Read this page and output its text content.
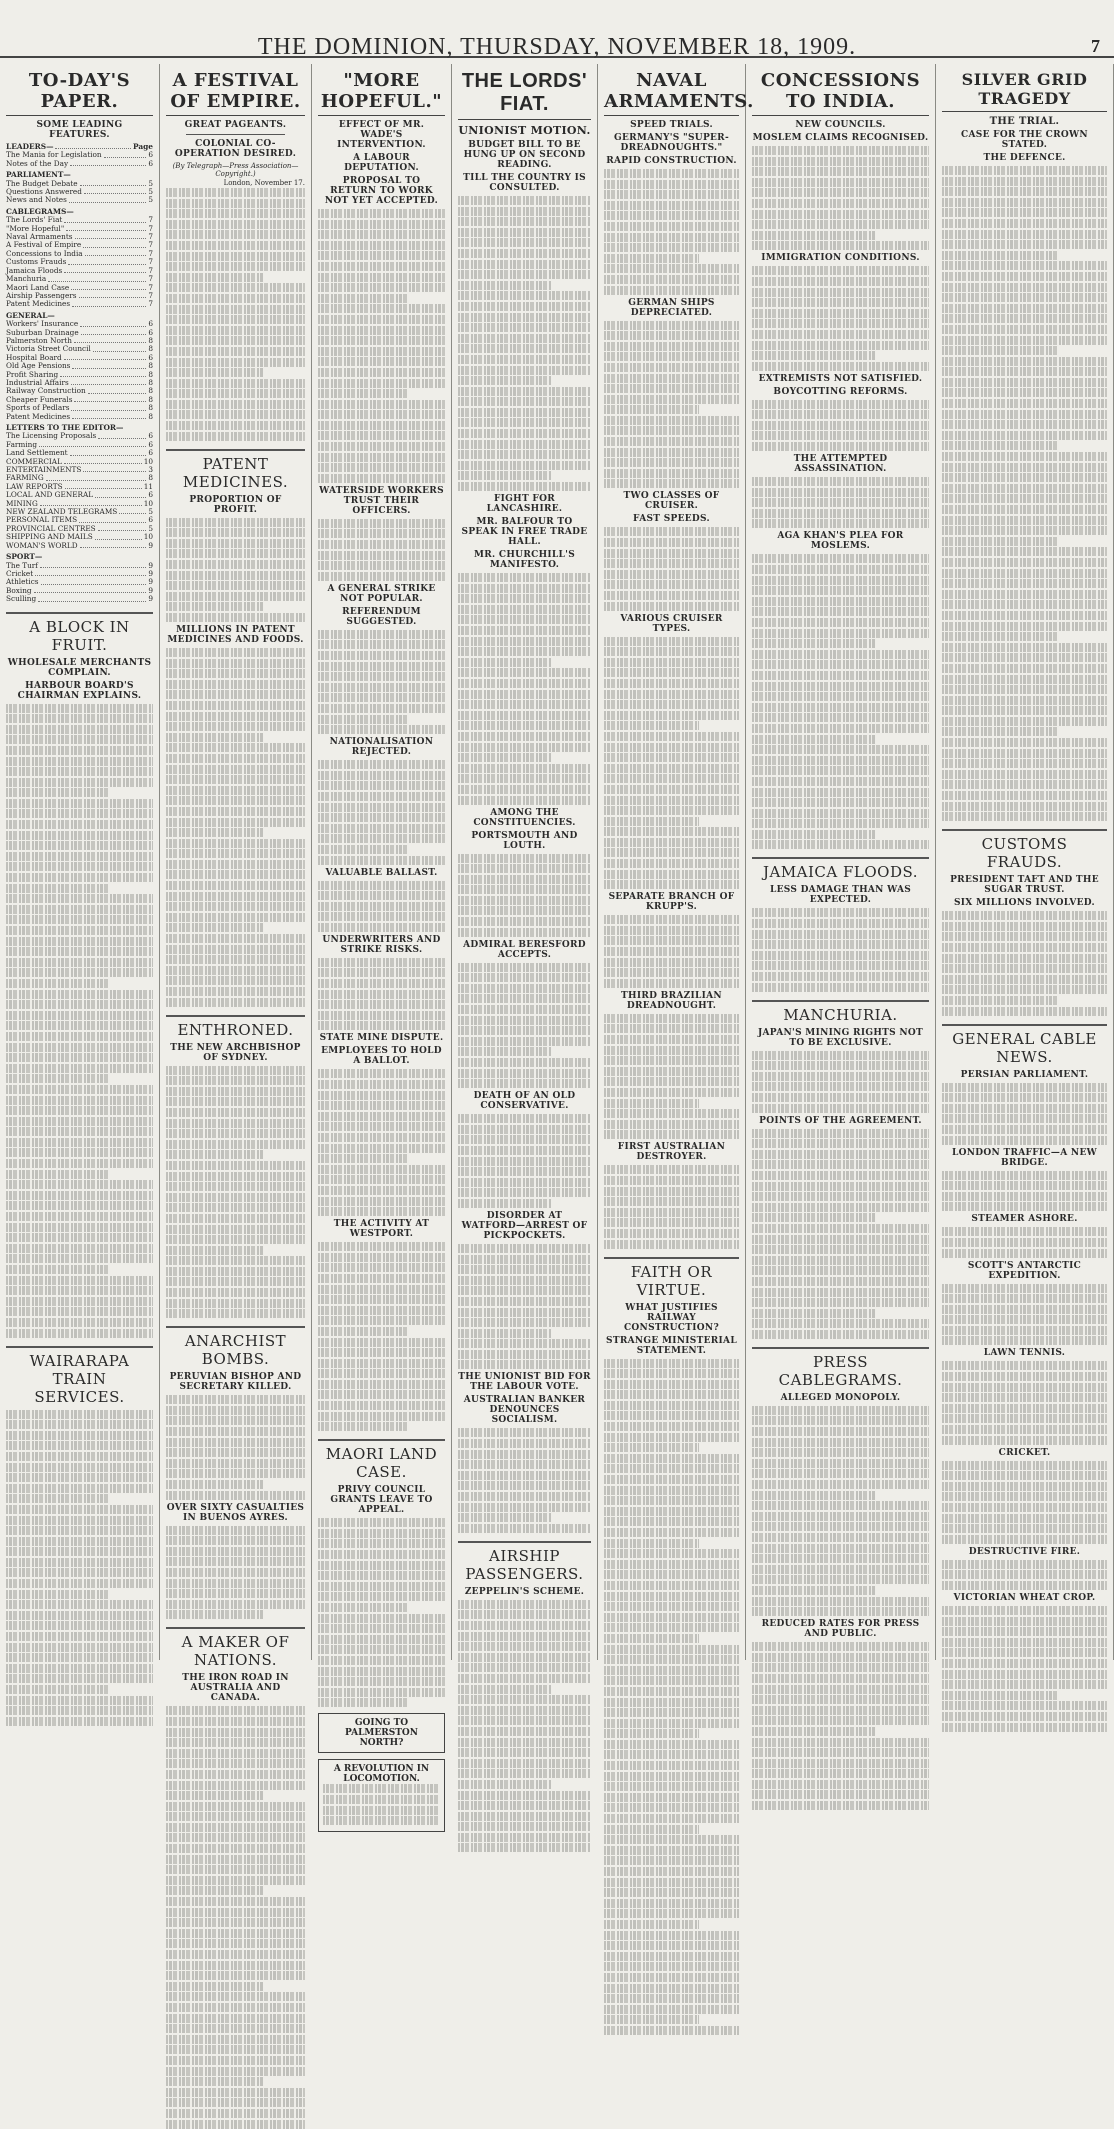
THE DOMINION, THURSDAY, NOVEMBER 18, 1909.	7
TO-DAY'S PAPER.
SOME LEADING FEATURES.
LEADERS—	Page
The Mania for Legislation	6
Notes of the Day	6
PARLIAMENT—
The Budget Debate	5
Questions Answered	5
News and Notes	5
CABLEGRAMS—
The Lords' Fiat	7
"More Hopeful"	7
Naval Armaments	7
A Festival of Empire	7
Concessions to India	7
Customs Frauds	7
Jamaica Floods	7
Manchuria	7
Maori Land Case	7
Airship Passengers	7
Patent Medicines	7
GENERAL—
Workers' Insurance	6
Suburban Drainage	6
Palmerston North	8
Victoria Street Council	8
Hospital Board	6
Old Age Pensions	8
Profit Sharing	8
Industrial Affairs	8
Railway Construction	8
Cheaper Funerals	8
Sports of Pedlars	8
Patent Medicines	8
LETTERS TO THE EDITOR—
The Licensing Proposals	6
Farming	6
Land Settlement	6
COMMERCIAL	10
ENTERTAINMENTS	3
FARMING	8
LAW REPORTS	11
LOCAL AND GENERAL	6
MINING	10
NEW ZEALAND TELEGRAMS	5
PERSONAL ITEMS	6
PROVINCIAL CENTRES	5
SHIPPING AND MAILS	10
WOMAN'S WORLD	9
SPORT—
The Turf	9
Cricket	9
Athletics	9
Boxing	9
Sculling	9
A BLOCK IN FRUIT.
WHOLESALE MERCHANTS COMPLAIN.
HARBOUR BOARD'S CHAIRMAN EXPLAINS.
WAIRARAPA TRAIN SERVICES.
A FESTIVAL OF EMPIRE.
GREAT PAGEANTS.
COLONIAL CO-OPERATION DESIRED.
(By Telegraph—Press Association—Copyright.)
London, November 17.
PATENT MEDICINES.
PROPORTION OF PROFIT.
MILLIONS IN PATENT MEDICINES AND FOODS.
ENTHRONED.
THE NEW ARCHBISHOP OF SYDNEY.
ANARCHIST BOMBS.
PERUVIAN BISHOP AND SECRETARY KILLED.
OVER SIXTY CASUALTIES IN BUENOS AYRES.
A MAKER OF NATIONS.
THE IRON ROAD IN AUSTRALIA AND CANADA.
"MORE HOPEFUL."
EFFECT OF MR. WADE'S INTERVENTION.
A LABOUR DEPUTATION.
PROPOSAL TO RETURN TO WORK NOT YET ACCEPTED.
WATERSIDE WORKERS TRUST THEIR OFFICERS.
A GENERAL STRIKE NOT POPULAR.
REFERENDUM SUGGESTED.
NATIONALISATION REJECTED.
VALUABLE BALLAST.
UNDERWRITERS AND STRIKE RISKS.
STATE MINE DISPUTE.
EMPLOYEES TO HOLD A BALLOT.
THE ACTIVITY AT WESTPORT.
MAORI LAND CASE.
PRIVY COUNCIL GRANTS LEAVE TO APPEAL.
GOING TO PALMERSTON NORTH?
A REVOLUTION IN LOCOMOTION.
THE LORDS' FIAT.
UNIONIST MOTION.
BUDGET BILL TO BE HUNG UP ON SECOND READING.
TILL THE COUNTRY IS CONSULTED.
FIGHT FOR LANCASHIRE.
MR. BALFOUR TO SPEAK IN FREE TRADE HALL.
MR. CHURCHILL'S MANIFESTO.
AMONG THE CONSTITUENCIES.
PORTSMOUTH AND LOUTH.
ADMIRAL BERESFORD ACCEPTS.
DEATH OF AN OLD CONSERVATIVE.
DISORDER AT WATFORD—ARREST OF PICKPOCKETS.
THE UNIONIST BID FOR THE LABOUR VOTE.
AUSTRALIAN BANKER DENOUNCES SOCIALISM.
AIRSHIP PASSENGERS.
ZEPPELIN'S SCHEME.
NAVAL ARMAMENTS.
SPEED TRIALS.
GERMANY'S "SUPER-DREADNOUGHTS."
RAPID CONSTRUCTION.
GERMAN SHIPS DEPRECIATED.
TWO CLASSES OF CRUISER.
FAST SPEEDS.
VARIOUS CRUISER TYPES.
SEPARATE BRANCH OF KRUPP'S.
THIRD BRAZILIAN DREADNOUGHT.
FIRST AUSTRALIAN DESTROYER.
FAITH OR VIRTUE.
WHAT JUSTIFIES RAILWAY CONSTRUCTION?
STRANGE MINISTERIAL STATEMENT.
CONCESSIONS TO INDIA.
NEW COUNCILS.
MOSLEM CLAIMS RECOGNISED.
IMMIGRATION CONDITIONS.
EXTREMISTS NOT SATISFIED.
BOYCOTTING REFORMS.
THE ATTEMPTED ASSASSINATION.
AGA KHAN'S PLEA FOR MOSLEMS.
JAMAICA FLOODS.
LESS DAMAGE THAN WAS EXPECTED.
MANCHURIA.
JAPAN'S MINING RIGHTS NOT TO BE EXCLUSIVE.
POINTS OF THE AGREEMENT.
PRESS CABLEGRAMS.
ALLEGED MONOPOLY.
REDUCED RATES FOR PRESS AND PUBLIC.
SILVER GRID TRAGEDY
THE TRIAL.
CASE FOR THE CROWN STATED.
THE DEFENCE.
CUSTOMS FRAUDS.
PRESIDENT TAFT AND THE SUGAR TRUST.
SIX MILLIONS INVOLVED.
GENERAL CABLE NEWS.
PERSIAN PARLIAMENT.
LONDON TRAFFIC—A NEW BRIDGE.
STEAMER ASHORE.
SCOTT'S ANTARCTIC EXPEDITION.
LAWN TENNIS.
CRICKET.
DESTRUCTIVE FIRE.
VICTORIAN WHEAT CROP.
